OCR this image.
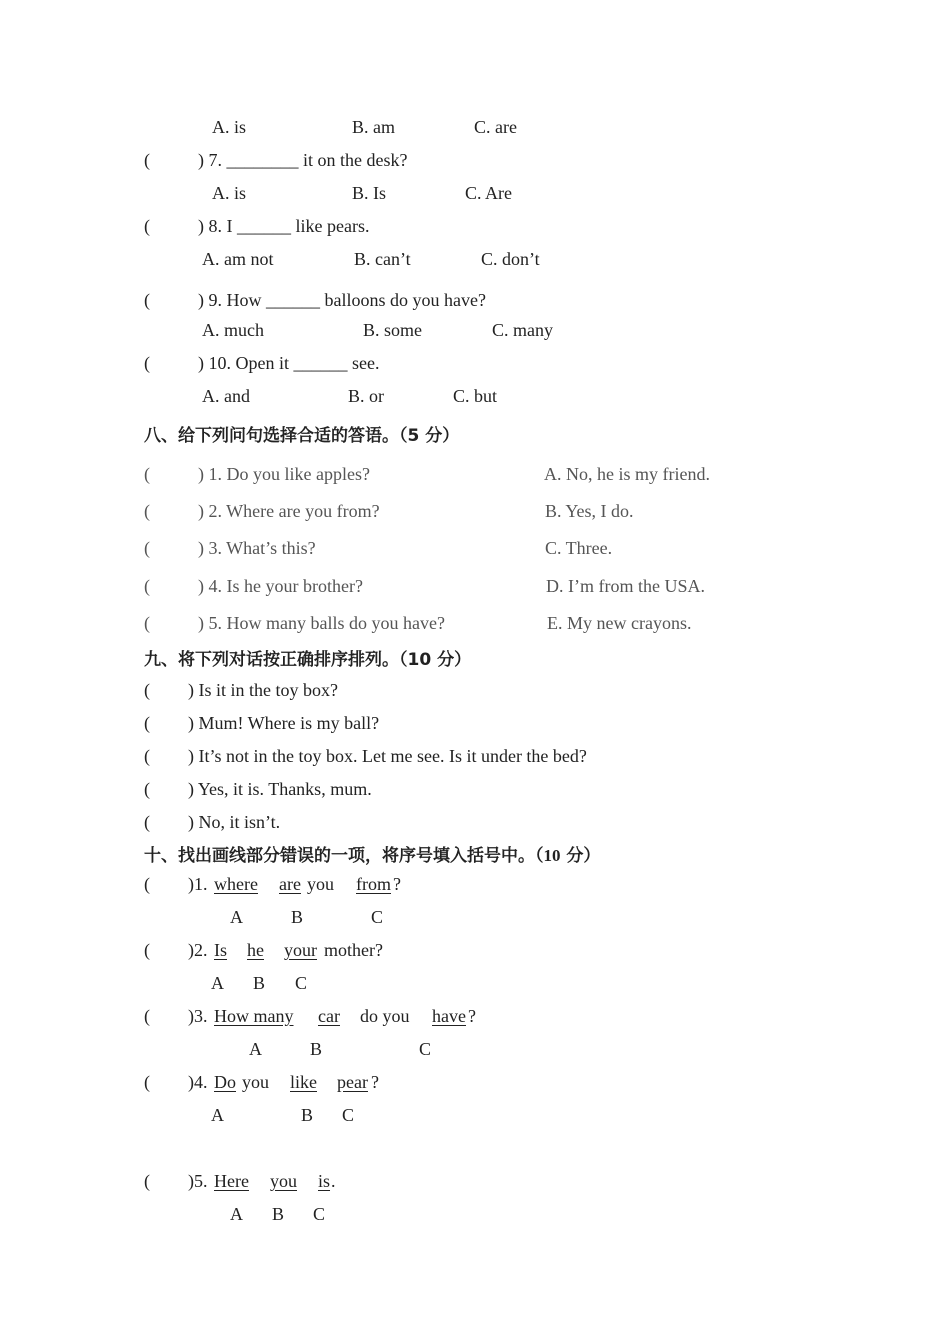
A. is	B. am	C. are
(	) 7. ________ it on the desk?
A. is	B. Is	C. Are
(	) 8. I ______ like pears.
A. am not	B. can’t	C. don’t
(	) 9. How ______ balloons do you have?
A. much	B. some	C. many
(	) 10. Open it ______ see.
A. and	B. or	C. but
八、给下列问句选择合适的答语。（5 分）
(	) 1. Do you like apples?	A. No, he is my friend.
(	) 2. Where are you from?	B. Yes, I do.
(	) 3. What’s this?	C. Three.
(	) 4. Is he your brother?	D. I’m from the USA.
(	) 5. How many balls do you have?	E. My new crayons.
九、将下列对话按正确排序排列。（10 分）
( ) Is it in the toy box?
( ) Mum! Where is my ball?
( ) It’s not in the toy box. Let me see. Is it under the bed?
( ) Yes, it is. Thanks, mum.
( ) No, it isn’t.
十、找出画线部分错误的一项，将序号填入括号中。（10 分）
( )1. where are you from ?
A	B	C
( )2. Is he your mother?
A B C
( )3. How many car do you have ?
A	B	C
( )4. Do you like pear ?
A	B C
( )5. Here you is .
A B C
